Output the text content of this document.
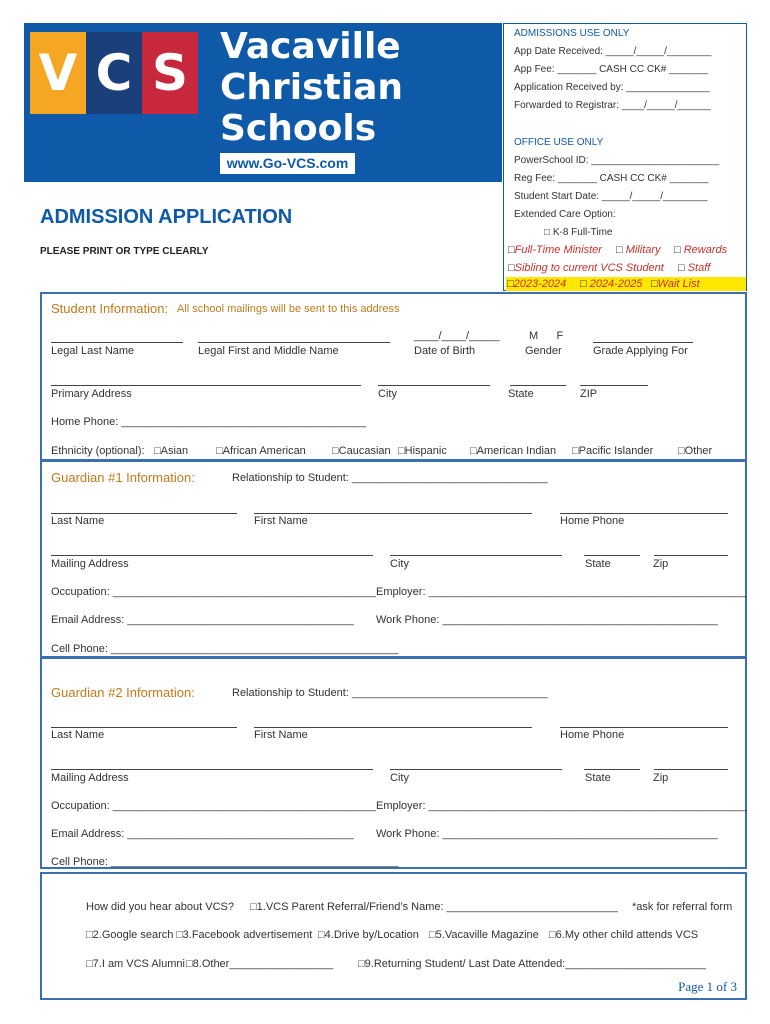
V C S Vacaville
Christian
Schools
www.Go-VCS.com
ADMISSIONS USE ONLY
App Date Received: _____/_____/________
App Fee: _______ CASH CC CK# _______
Application Received by: _______________
Forwarded to Registrar: ____/_____/______
OFFICE USE ONLY
PowerSchool ID: _______________________
Reg Fee: _______ CASH CC CK# _______
Student Start Date: _____/_____/________
Extended Care Option:
□ K-8 Full-Time
□Full-Time Minister □ Military □ Rewards
□Sibling to current VCS Student □ Staff
□2023-2024 □ 2024-2025 □Wait List
ADMISSION APPLICATION
PLEASE PRINT OR TYPE CLEARLY
Student Information: All school mailings will be sent to this address
____/____/_____	M      F
Legal Last Name	Legal First and Middle Name	Date of Birth	Gender	Grade Applying For
Primary Address	City	State	ZIP
Home Phone: ________________________________________
Ethnicity (optional): □Asian	□African American □Caucasian □Hispanic □American Indian □Pacific Islander □Other
Guardian #1 Information:	Relationship to Student: ________________________________
Last Name	First Name	Home Phone
Mailing Address	City	State	Zip
Occupation: ___________________________________________ Employer: ____________________________________________________
Email Address: _____________________________________ Work Phone: _____________________________________________
Cell Phone: _______________________________________________
Guardian #2 Information:	Relationship to Student: ________________________________
Last Name	First Name	Home Phone
Mailing Address	City	State	Zip
Occupation: ___________________________________________ Employer: ____________________________________________________
Email Address: _____________________________________ Work Phone: _____________________________________________
Cell Phone: _______________________________________________
How did you hear about VCS? □1.VCS Parent Referral/Friend’s Name: ____________________________ *ask for referral form
□2.Google search □3.Facebook advertisement □4.Drive by/Location □5.Vacaville Magazine □6.My other child attends VCS
□7.I am VCS Alumni □8.Other_________________ □9.Returning Student/ Last Date Attended:_______________________
Page 1 of 3
